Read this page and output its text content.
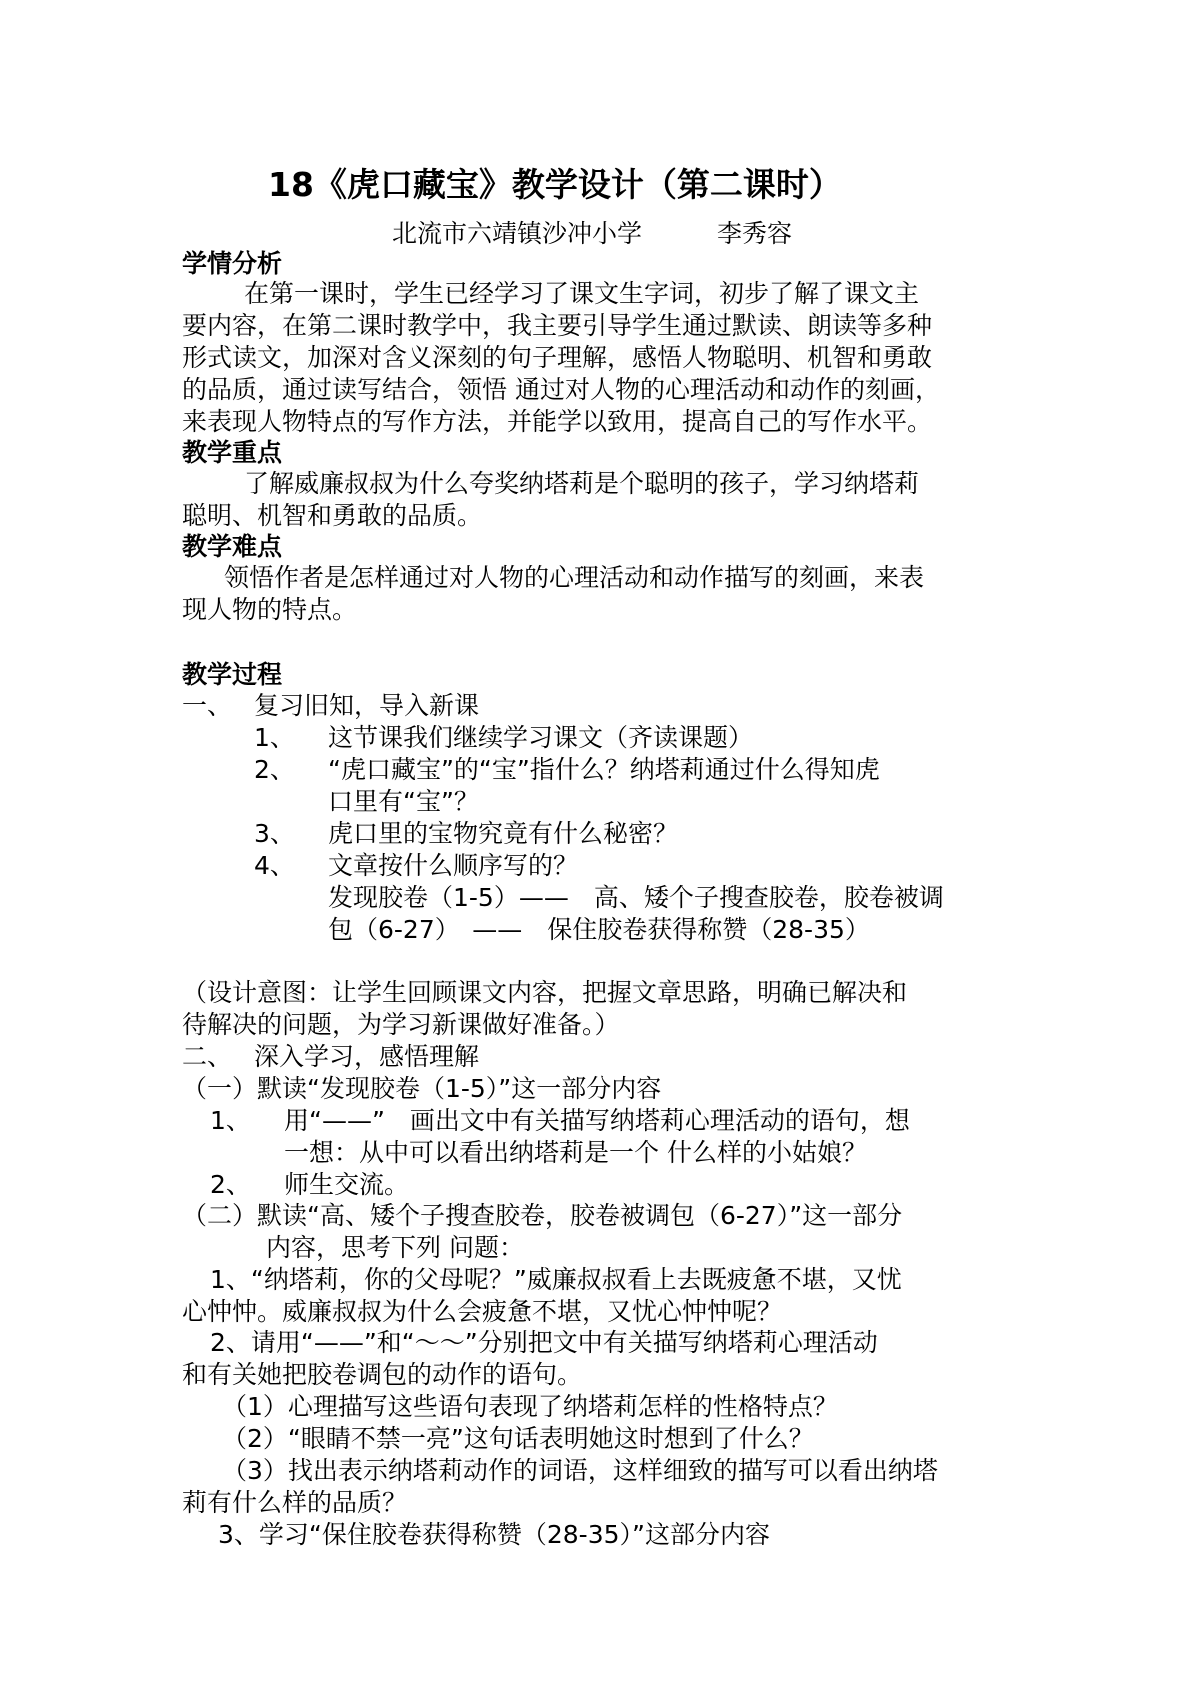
18《虎口藏宝》教学设计（第二课时）
北流市六靖镇沙冲小学　　　李秀容
学情分析
在第一课时，学生已经学习了课文生字词，初步了解了课文主
要内容，在第二课时教学中，我主要引导学生通过默读、朗读等多种
形式读文，加深对含义深刻的句子理解，感悟人物聪明、机智和勇敢
的品质，通过读写结合，领悟 通过对人物的心理活动和动作的刻画，
来表现人物特点的写作方法，并能学以致用，提高自己的写作水平。
教学重点
了解威廉叔叔为什么夸奖纳塔莉是个聪明的孩子，学习纳塔莉
聪明、机智和勇敢的品质。
教学难点
领悟作者是怎样通过对人物的心理活动和动作描写的刻画，来表
现人物的特点。
教学过程
一、 复习旧知，导入新课
1、 这节课我们继续学习课文（齐读课题）
2、 “虎口藏宝”的“宝”指什么？纳塔莉通过什么得知虎
口里有“宝”？
3、 虎口里的宝物究竟有什么秘密？
4、 文章按什么顺序写的？
发现胶卷（1-5）——　高、矮个子搜查胶卷，胶卷被调
包（6-27）　——　保住胶卷获得称赞（28-35）
（设计意图：让学生回顾课文内容，把握文章思路，明确已解决和
待解决的问题，为学习新课做好准备。）
二、 深入学习，感悟理解
（一）默读“发现胶卷（1-5）”这一部分内容
1、 用“——”　画出文中有关描写纳塔莉心理活动的语句，想
一想：从中可以看出纳塔莉是一个 什么样的小姑娘？
2、 师生交流。
（二）默读“高、矮个子搜查胶卷，胶卷被调包（6-27）”这一部分
内容，思考下列 问题：
1、“纳塔莉，你的父母呢？”威廉叔叔看上去既疲惫不堪，又忧
心忡忡。威廉叔叔为什么会疲惫不堪，又忧心忡忡呢？
2、请用“——”和“～～”分别把文中有关描写纳塔莉心理活动
和有关她把胶卷调包的动作的语句。
（1）心理描写这些语句表现了纳塔莉怎样的性格特点？
（2）“眼睛不禁一亮”这句话表明她这时想到了什么？
（3）找出表示纳塔莉动作的词语，这样细致的描写可以看出纳塔
莉有什么样的品质？
3、学习“保住胶卷获得称赞（28-35）”这部分内容
